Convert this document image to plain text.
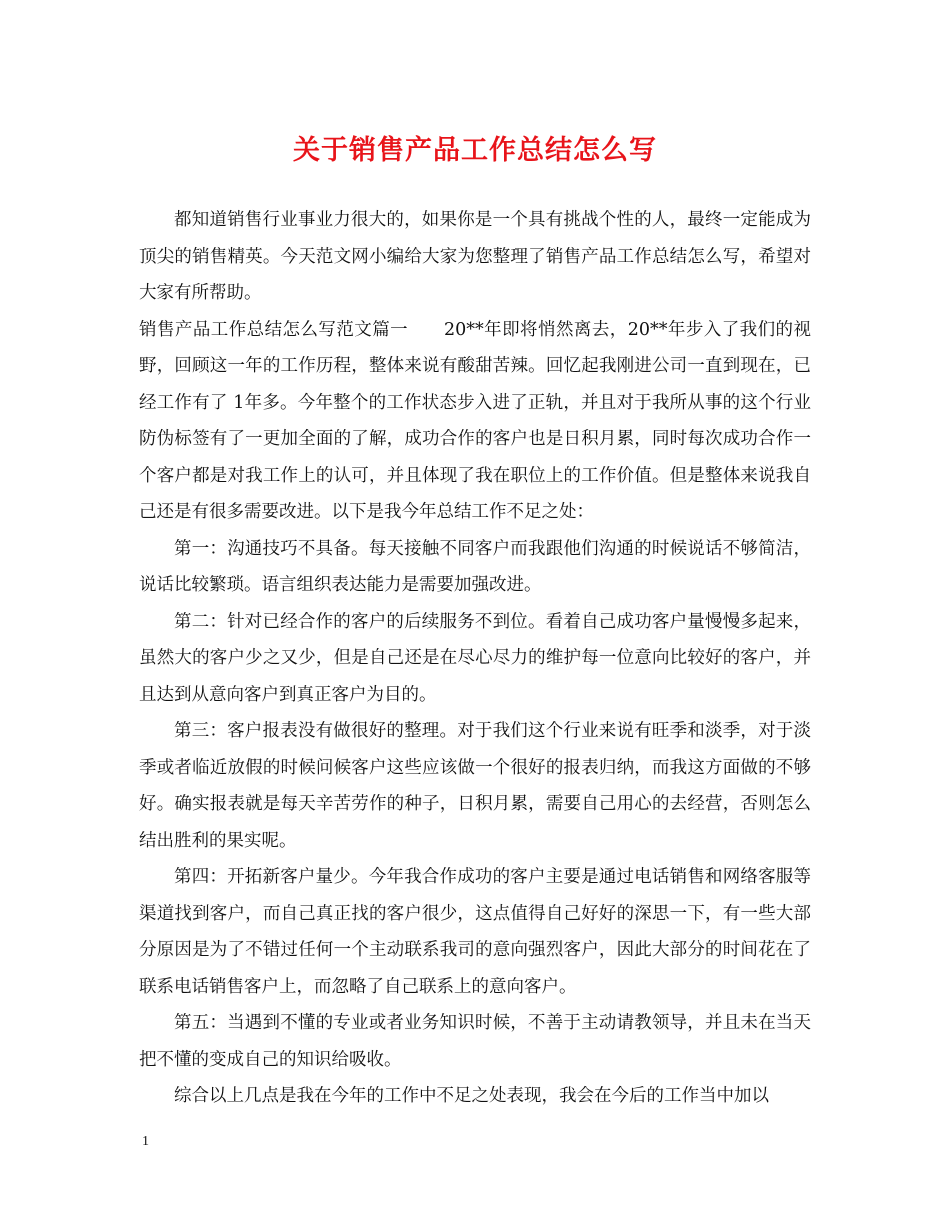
关于销售产品工作总结怎么写

都知道销售行业事业力很大的，如果你是一个具有挑战个性的人，最终一定能成为顶尖的销售精英。今天范文网小编给大家为您整理了销售产品工作总结怎么写，希望对大家有所帮助。

销售产品工作总结怎么写范文篇一　　20**年即将悄然离去，20**年步入了我们的视野，回顾这一年的工作历程，整体来说有酸甜苦辣。回忆起我刚进公司一直到现在，已经工作有了 1年多。今年整个的工作状态步入进了正轨，并且对于我所从事的这个行业防伪标签有了一更加全面的了解，成功合作的客户也是日积月累，同时每次成功合作一个客户都是对我工作上的认可，并且体现了我在职位上的工作价值。但是整体来说我自己还是有很多需要改进。以下是我今年总结工作不足之处：

第一：沟通技巧不具备。每天接触不同客户而我跟他们沟通的时候说话不够简洁，说话比较繁琐。语言组织表达能力是需要加强改进。

第二：针对已经合作的客户的后续服务不到位。看着自己成功客户量慢慢多起来，虽然大的客户少之又少，但是自己还是在尽心尽力的维护每一位意向比较好的客户，并且达到从意向客户到真正客户为目的。

第三：客户报表没有做很好的整理。对于我们这个行业来说有旺季和淡季，对于淡季或者临近放假的时候问候客户这些应该做一个很好的报表归纳，而我这方面做的不够好。确实报表就是每天辛苦劳作的种子，日积月累，需要自己用心的去经营，否则怎么结出胜利的果实呢。

第四：开拓新客户量少。今年我合作成功的客户主要是通过电话销售和网络客服等渠道找到客户，而自己真正找的客户很少，这点值得自己好好的深思一下，有一些大部分原因是为了不错过任何一个主动联系我司的意向强烈客户，因此大部分的时间花在了联系电话销售客户上，而忽略了自己联系上的意向客户。

第五：当遇到不懂的专业或者业务知识时候，不善于主动请教领导，并且未在当天把不懂的变成自己的知识给吸收。

综合以上几点是我在今年的工作中不足之处表现，我会在今后的工作当中加以

1
